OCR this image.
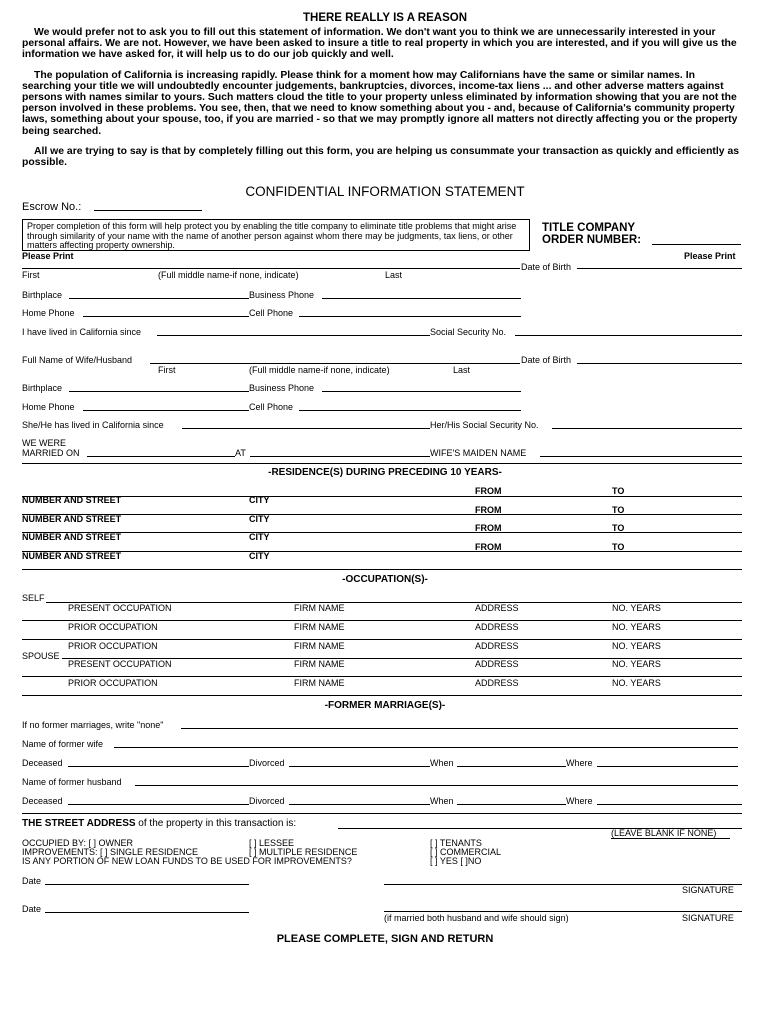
THERE REALLY IS A REASON

We would prefer not to ask you to fill out this statement of information. We don't want you to think we are unnecessarily interested in your personal affairs. We are not. However, we have been asked to insure a title to real property in which you are interested, and if you will give us the information we have asked for, it will help us to do our job quickly and well.

The population of California is increasing rapidly. Please think for a moment how may Californians have the same or similar names. In searching your title we will undoubtedly encounter judgements, bankruptcies, divorces, income-tax liens ... and other adverse matters against persons with names similar to yours. Such matters cloud the title to your property unless eliminated by information showing that you are not the person involved in these problems. You see, then, that we need to know something about you - and, because of California's community property laws, something about your spouse, too, if you are married - so that we may promptly ignore all matters not directly affecting you or the property being searched.

All we are trying to say is that by completely filling out this form, you are helping us consummate your transaction as quickly and efficiently as possible.

CONFIDENTIAL INFORMATION STATEMENT
Escrow No.:
Proper completion of this form will help protect you by enabling the title company to eliminate title problems that might arise through similarity of your name with the name of another person against whom there may be judgments, tax liens, or other matters affecting property ownership.
TITLE COMPANY
ORDER NUMBER:
Please Print	Please Print
Date of Birth
First	(Full middle name-if none, indicate)	Last
Birthplace	Business Phone
Home Phone	Cell Phone
I have lived in California since	Social Security No.
Full Name of Wife/Husband	Date of Birth
First	(Full middle name-if none, indicate)	Last
Birthplace	Business Phone
Home Phone	Cell Phone
She/He has lived in California since	Her/His Social Security No.
WE WERE
MARRIED ON	AT	WIFE'S MAIDEN NAME
-RESIDENCE(S) DURING PRECEDING 10 YEARS-
FROM	TO
NUMBER AND STREET	CITY
FROM	TO
NUMBER AND STREET	CITY
FROM	TO
NUMBER AND STREET	CITY
FROM	TO
NUMBER AND STREET	CITY
-OCCUPATION(S)-
SELF
PRESENT OCCUPATION	FIRM NAME	ADDRESS	NO. YEARS
PRIOR OCCUPATION	FIRM NAME	ADDRESS	NO. YEARS
PRIOR OCCUPATION	FIRM NAME	ADDRESS	NO. YEARS
SPOUSE
PRESENT OCCUPATION	FIRM NAME	ADDRESS	NO. YEARS
PRIOR OCCUPATION	FIRM NAME	ADDRESS	NO. YEARS
-FORMER MARRIAGE(S)-
If no former marriages, write "none"
Name of former wife
Deceased	Divorced	When	Where
Name of former husband
Deceased	Divorced	When	Where
THE STREET ADDRESS of the property in this transaction is:
(LEAVE BLANK IF NONE)
OCCUPIED BY: [ ] OWNER	[ ] LESSEE	[ ] TENANTS
IMPROVEMENTS: [ ] SINGLE RESIDENCE	[ ] MULTIPLE RESIDENCE	[ ] COMMERCIAL
IS ANY PORTION OF NEW LOAN FUNDS TO BE USED FOR IMPROVEMENTS?	[ ] YES [ ]NO
Date
SIGNATURE
Date
(if married both husband and wife should sign)	SIGNATURE
PLEASE COMPLETE, SIGN AND RETURN
